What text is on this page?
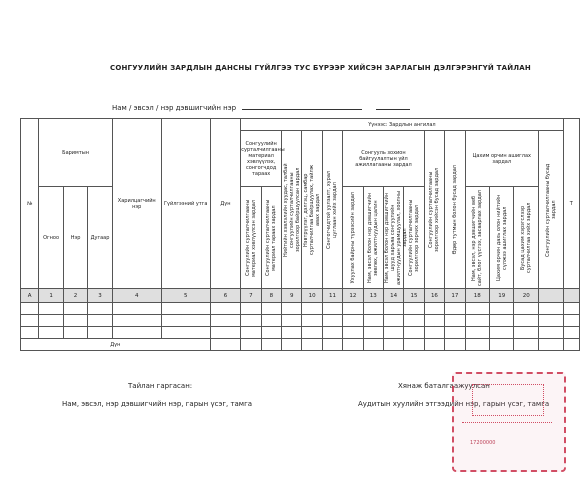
СОНГУУЛИЙН ЗАРДЛЫН ДАНСНЫ ГҮЙЛГЭЭ ТУС БҮРЭЭР ХИЙСЭН ЗАРЛАГЫН ДЭЛГЭРЭНГҮЙ ТАЙЛАН
Нам / эвсэл / нэр дэвшигчийн нэр
№	Баримтын			Харилцагчийн нэр	Гүйлгээний утга	Дүн	Үүнээс: Зардлын ангилал															Т
							Сонгуулийн сурталчилгааны материал хэвлүүлэх, сонгогчдод тараах		Нийтийн хэвлэлийн хуудас, талбай сонгуулийн сурталчилгааны зорилгоор байршуулсан зардал	Нэвтрүүлэг, дэлгэц, самбар сурталчилгаа байршуулах, тайлж авах зардал	Сонгогчидтой уулзалт, хурал цуглаан хийх зардал	Сонгууль зохион байгуулалтын үйл ажиллагааны зардал				Сонгуулийн сурталчилгааны зорилгоор хийсэн бусад зардал	Өдөр тутмын болон бусад зардал	Цахим орчин ашиглах зардал			Сонгуулийн сурталчилгааны бусад зардал	

	Огноо	Нэр	Дугаар				Сонгуулийн сурталчилгааны материал хэвлүүлсэн зардал	Сонгуулийн сурталчилгааны материал тараах зардал				Ухуулах байрны түрээсийн зардал	Нам, эвсэл болон нэр дэвшигчийн зөвлөх, ажилтнуудын цалин	Нам, эвсэл болон нэр дэвшигчийн шууд харъяа сонгуулийн ажилтнуудын урамшуулал, хоолны зардал	Сонгуулийн сурталчилгааны зорилгоор зорчих зардал			Нам, эвсэл, нэр дэвшигчийн веб сайт, блог үүсгэх, засварлах зардал	Цахим орчин дахь олон нийтийн сүлжээ ашиглах зардал	Бусад цахим хэрэгслээр сурталчилгаа хийх зардал		

А	1	2	3	4	5	6	7	8	9	10	11	12	13	14	15	16	17	18	19	20		

Дүн																						
Тайлан гаргасан:
Нам, эвсэл, нэр дэвшигчийн нэр, гарын үсэг, тамга
Хянаж баталгаажуулсан
Аудитын хуулийн этгээдийн нэр, гарын үсэг, тамга
17200000
